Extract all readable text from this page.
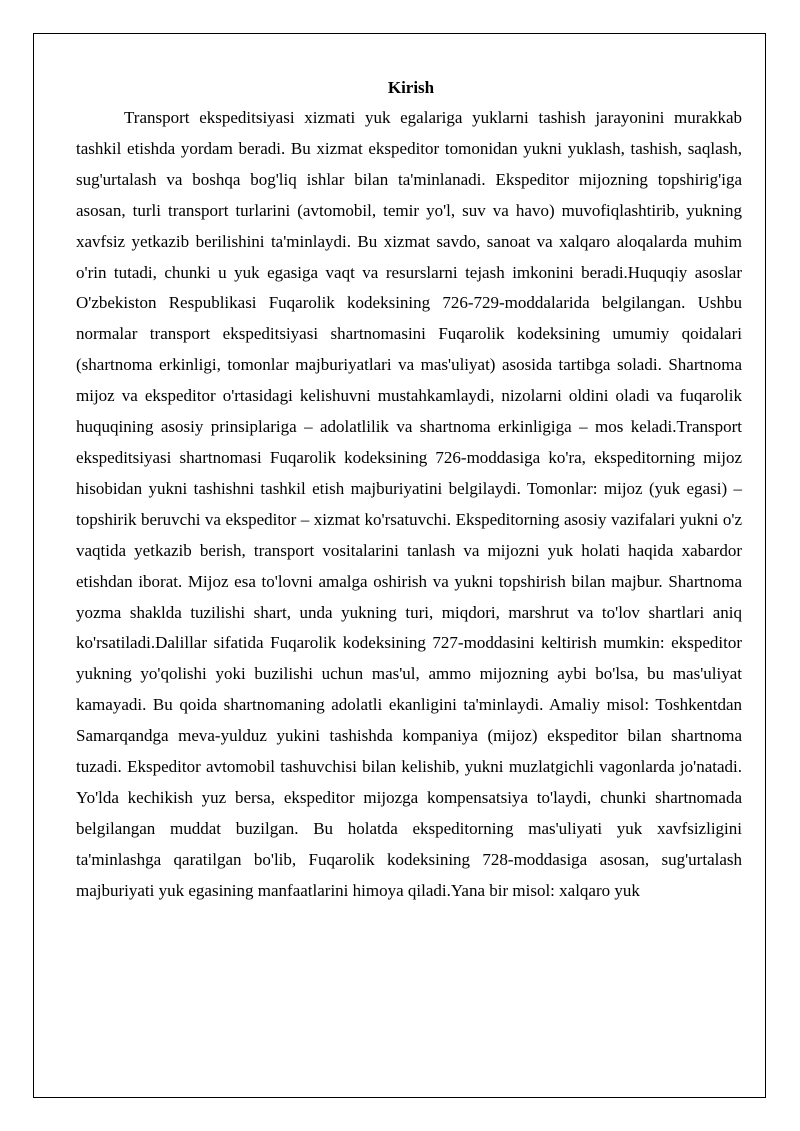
Kirish

Transport ekspeditsiyasi xizmati yuk egalariga yuklarni tashish jarayonini murakkab tashkil etishda yordam beradi. Bu xizmat ekspeditor tomonidan yukni yuklash, tashish, saqlash, sug'urtalash va boshqa bog'liq ishlar bilan ta'minlanadi. Ekspeditor mijozning topshirig'iga asosan, turli transport turlarini (avtomobil, temir yo'l, suv va havo) muvofiqlashtirib, yukning xavfsiz yetkazib berilishini ta'minlaydi. Bu xizmat savdo, sanoat va xalqaro aloqalarda muhim o'rin tutadi, chunki u yuk egasiga vaqt va resurslarni tejash imkonini beradi.Huquqiy asoslar O'zbekiston Respublikasi Fuqarolik kodeksining 726-729-moddalarida belgilangan. Ushbu normalar transport ekspeditsiyasi shartnomasini Fuqarolik kodeksining umumiy qoidalari (shartnoma erkinligi, tomonlar majburiyatlari va mas'uliyat) asosida tartibga soladi. Shartnoma mijoz va ekspeditor o'rtasidagi kelishuvni mustahkamlaydi, nizolarni oldini oladi va fuqarolik huquqining asosiy prinsiplariga – adolatlilik va shartnoma erkinligiga – mos keladi.Transport ekspeditsiyasi shartnomasi Fuqarolik kodeksining 726-moddasiga ko'ra, ekspeditorning mijoz hisobidan yukni tashishni tashkil etish majburiyatini belgilaydi. Tomonlar: mijoz (yuk egasi) – topshirik beruvchi va ekspeditor – xizmat ko'rsatuvchi. Ekspeditorning asosiy vazifalari yukni o'z vaqtida yetkazib berish, transport vositalarini tanlash va mijozni yuk holati haqida xabardor etishdan iborat. Mijoz esa to'lovni amalga oshirish va yukni topshirish bilan majbur. Shartnoma yozma shaklda tuzilishi shart, unda yukning turi, miqdori, marshrut va to'lov shartlari aniq ko'rsatiladi.Dalillar sifatida Fuqarolik kodeksining 727-moddasini keltirish mumkin: ekspeditor yukning yo'qolishi yoki buzilishi uchun mas'ul, ammo mijozning aybi bo'lsa, bu mas'uliyat kamayadi. Bu qoida shartnomaning adolatli ekanligini ta'minlaydi. Amaliy misol: Toshkentdan Samarqandga meva-yulduz yukini tashishda kompaniya (mijoz) ekspeditor bilan shartnoma tuzadi. Ekspeditor avtomobil tashuvchisi bilan kelishib, yukni muzlatgichli vagonlarda jo'natadi. Yo'lda kechikish yuz bersa, ekspeditor mijozga kompensatsiya to'laydi, chunki shartnomada belgilangan muddat buzilgan. Bu holatda ekspeditorning mas'uliyati yuk xavfsizligini ta'minlashga qaratilgan bo'lib, Fuqarolik kodeksining 728-moddasiga asosan, sug'urtalash majburiyati yuk egasining manfaatlarini himoya qiladi.Yana bir misol: xalqaro yuk
